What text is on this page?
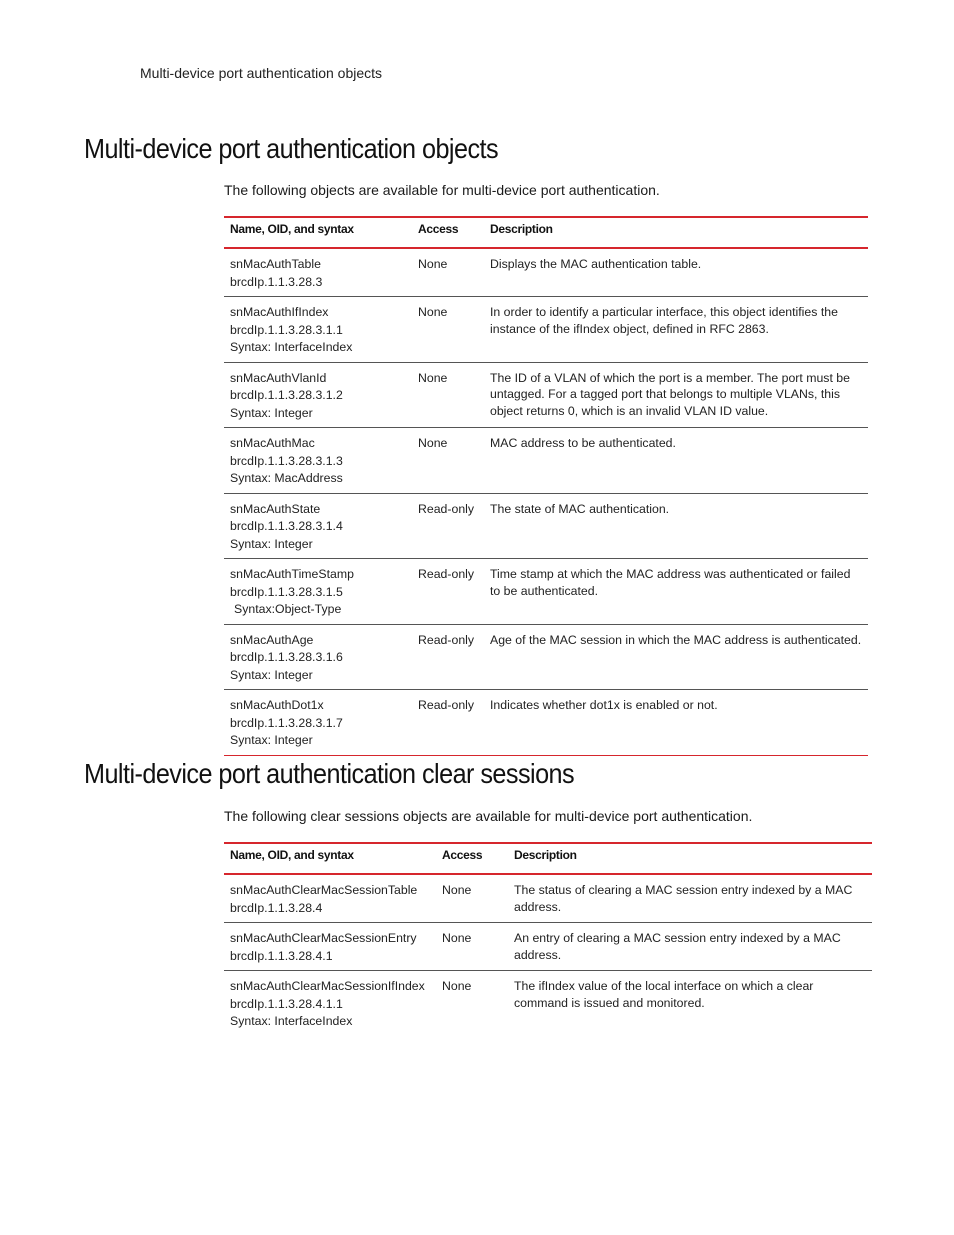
Multi-device port authentication objects
Multi-device port authentication objects

The following objects are available for multi-device port authentication.

Name, OID, and syntax	Access	Description

snMacAuthTable
brcdIp.1.1.3.28.3	None	Displays the MAC authentication table.

snMacAuthIfIndex
brcdIp.1.1.3.28.3.1.1
Syntax: InterfaceIndex	None	In order to identify a particular interface, this object identifies the instance of the ifIndex object, defined in RFC 2863.

snMacAuthVlanId
brcdIp.1.1.3.28.3.1.2
Syntax: Integer	None	The ID of a VLAN of which the port is a member. The port must be untagged. For a tagged port that belongs to multiple VLANs, this object returns 0, which is an invalid VLAN ID value.

snMacAuthMac
brcdIp.1.1.3.28.3.1.3
Syntax: MacAddress	None	MAC address to be authenticated.

snMacAuthState
brcdIp.1.1.3.28.3.1.4
Syntax: Integer	Read-only	The state of MAC authentication.

snMacAuthTimeStamp
brcdIp.1.1.3.28.3.1.5
Syntax:Object-Type	Read-only	Time stamp at which the MAC address was authenticated or failed to be authenticated.

snMacAuthAge
brcdIp.1.1.3.28.3.1.6
Syntax: Integer	Read-only	Age of the MAC session in which the MAC address is authenticated.

snMacAuthDot1x
brcdIp.1.1.3.28.3.1.7
Syntax: Integer	Read-only	Indicates whether dot1x is enabled or not.
Multi-device port authentication clear sessions

The following clear sessions objects are available for multi-device port authentication.

Name, OID, and syntax	Access	Description

snMacAuthClearMacSessionTable
brcdIp.1.1.3.28.4	None	The status of clearing a MAC session entry indexed by a MAC address.

snMacAuthClearMacSessionEntry
brcdIp.1.1.3.28.4.1	None	An entry of clearing a MAC session entry indexed by a MAC address.

snMacAuthClearMacSessionIfIndex
brcdIp.1.1.3.28.4.1.1
Syntax: InterfaceIndex	None	The ifIndex value of the local interface on which a clear command is issued and monitored.
